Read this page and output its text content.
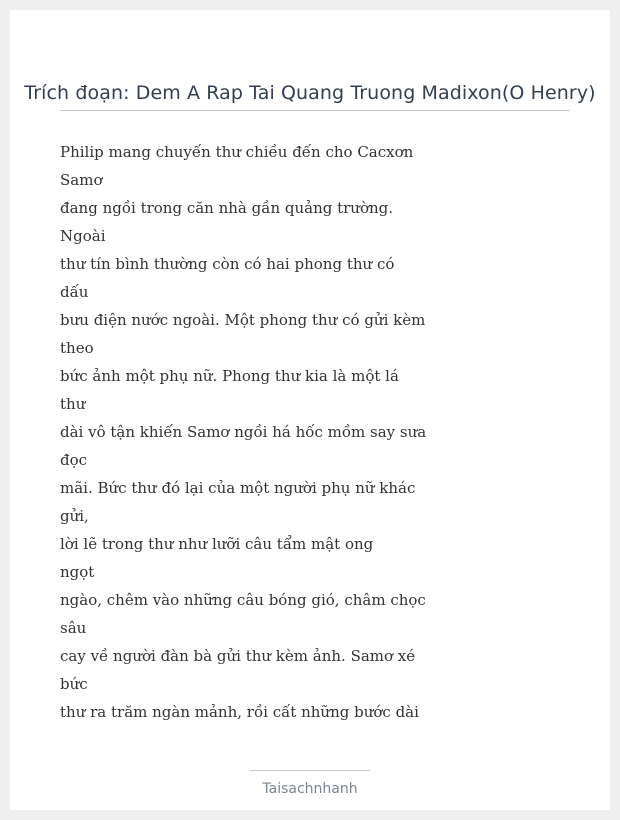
Trích đoạn: Dem A Rap Tai Quang Truong Madixon(O Henry)
Philip mang chuyến thư chiều đến cho Cacxơn
Samơ
đang ngồi trong căn nhà gần quảng trường.
Ngoài
thư tín bình thường còn có hai phong thư có
dấu
bưu điện nước ngoài. Một phong thư có gửi kèm
theo
bức ảnh một phụ nữ. Phong thư kia là một lá
thư
dài vô tận khiến Samơ ngồi há hốc mồm say sưa
đọc
mãi. Bức thư đó lại của một người phụ nữ khác
gửi,
lời lẽ trong thư như lưỡi câu tẩm mật ong
ngọt
ngào, chêm vào những câu bóng gió, châm chọc
sâu
cay về người đàn bà gửi thư kèm ảnh. Samơ xé
bức
thư ra trăm ngàn mảnh, rồi cất những bước dài
Taisachnhanh
